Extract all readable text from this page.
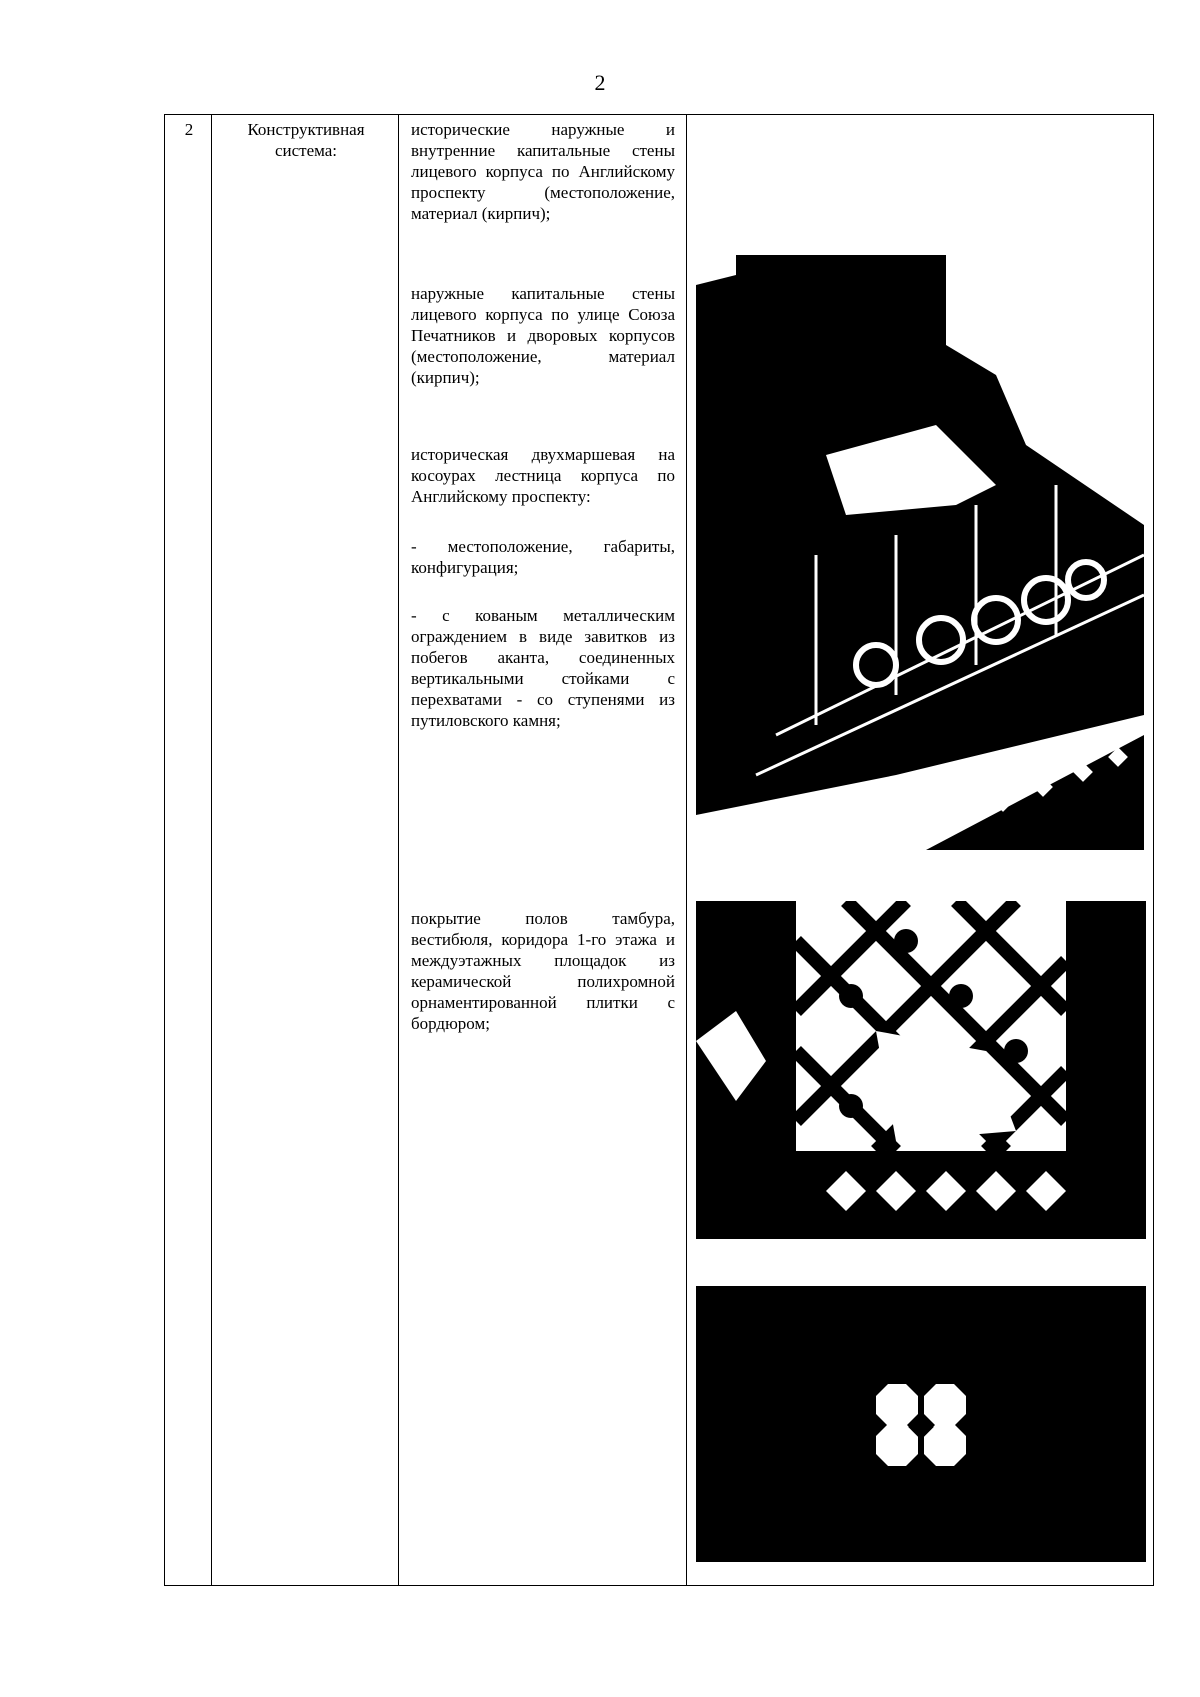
2
2	Конструктивная система:

исторические наружные и внутренние капитальные стены лицевого корпуса по Английскому проспекту (местоположение, материал (кирпич);

наружные капитальные стены лицевого корпуса по улице Союза Печатников и дворовых корпусов (местоположение, материал (кирпич);

историческая двухмаршевая на косоурах лестница корпуса по Английскому проспекту:

- местоположение, габариты, конфигурация;

- с кованым металлическим ограждением в виде завитков из побегов аканта, соединенных вертикальными стойками с перехватами - со ступенями из путиловского камня;

покрытие полов тамбура, вестибюля, коридора 1-го этажа и междуэтажных площадок из керамической полихромной орнаментированной плитки с бордюром;
